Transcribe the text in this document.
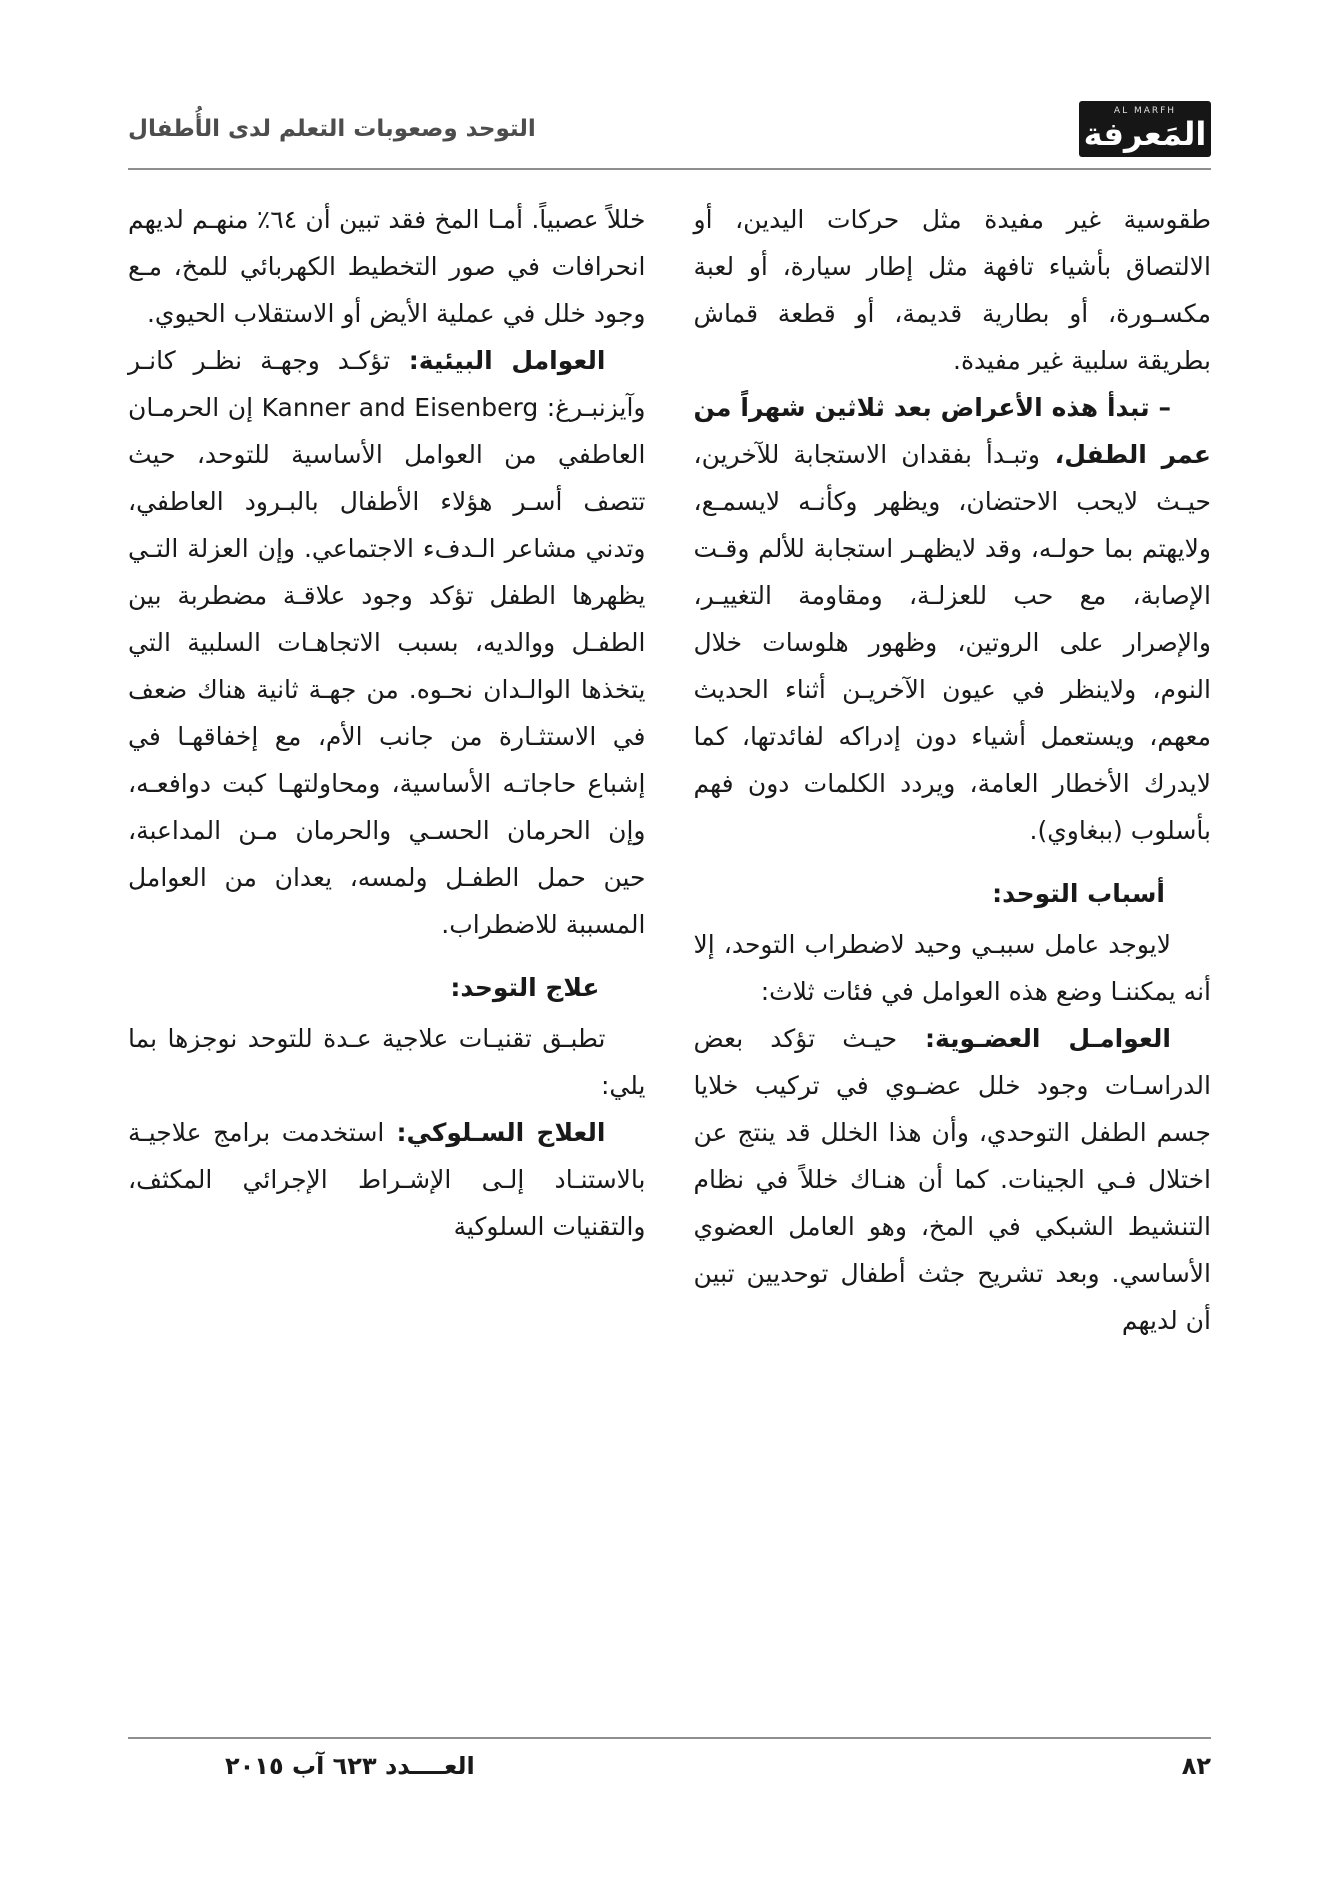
AL MARFH
المَعرفة
التوحد وصعوبات التعلم لدى الأُطفال

طقوسية غير مفيدة مثل حركات اليدين، أو الالتصاق بأشياء تافهة مثل إطار سيارة، أو لعبة مكسـورة، أو بطارية قديمة، أو قطعة قماش بطريقة سلبية غير مفيدة.

– تبدأ هذه الأعراض بعد ثلاثين شهراً من عمر الطفل، وتبـدأ بفقدان الاستجابة للآخرين، حيـث لايحب الاحتضان، ويظهر وكأنـه لايسمـع، ولايهتم بما حولـه، وقد لايظهـر استجابة للألم وقـت الإصابة، مع حب للعزلـة، ومقاومة التغييـر، والإصرار على الروتين، وظهور هلوسات خلال النوم، ولاينظر في عيون الآخريـن أثناء الحديث معهم، ويستعمل أشياء دون إدراكه لفائدتها، كما لايدرك الأخطار العامة، ويردد الكلمات دون فهم بأسلوب (ببغاوي).

أسباب التوحد:

لايوجد عامل سببـي وحيد لاضطراب التوحد، إلا أنه يمكننـا وضع هذه العوامل في فئات ثلاث:

العوامـل العضـوية: حيـث تؤكد بعض الدراسـات وجود خلل عضـوي في تركيب خلايا جسم الطفل التوحدي، وأن هذا الخلل قد ينتج عن اختلال فـي الجينات. كما أن هنـاك خللاً في نظام التنشيط الشبكي في المخ، وهو العامل العضوي الأساسي. وبعد تشريح جثث أطفال توحديين تبين أن لديهم

خللاً عصبياً. أمـا المخ فقد تبين أن ٦٤٪ منهـم لديهم انحرافات في صور التخطيط الكهربائي للمخ، مـع وجود خلل في عملية الأيض أو الاستقلاب الحيوي.

العوامل البيئية: تؤكـد وجهـة نظـر كانـر وآيزنبـرغ: Kanner and Eisenberg إن الحرمـان العاطفي من العوامل الأساسية للتوحد، حيث تتصف أسـر هؤلاء الأطفال بالبـرود العاطفي، وتدني مشاعر الـدفء الاجتماعي. وإن العزلة التـي يظهرها الطفل تؤكد وجود علاقـة مضطربة بين الطفـل ووالديه، بسبب الاتجاهـات السلبية التي يتخذها الوالـدان نحـوه. من جهـة ثانية هناك ضعف في الاستثـارة من جانب الأم، مع إخفاقهـا في إشباع حاجاتـه الأساسية، ومحاولتهـا كبت دوافعـه، وإن الحرمان الحسـي والحرمان مـن المداعبة، حين حمل الطفـل ولمسه، يعدان من العوامل المسببة للاضطراب.

علاج التوحد:

تطبـق تقنيـات علاجية عـدة للتوحد نوجزها بما يلي:

العلاج السـلوكي: استخدمت برامج علاجيـة بالاستنـاد إلـى الإشـراط الإجرائي المكثف، والتقنيات السلوكية

العــــدد ٦٢٣ آب ٢٠١٥	٨٢
